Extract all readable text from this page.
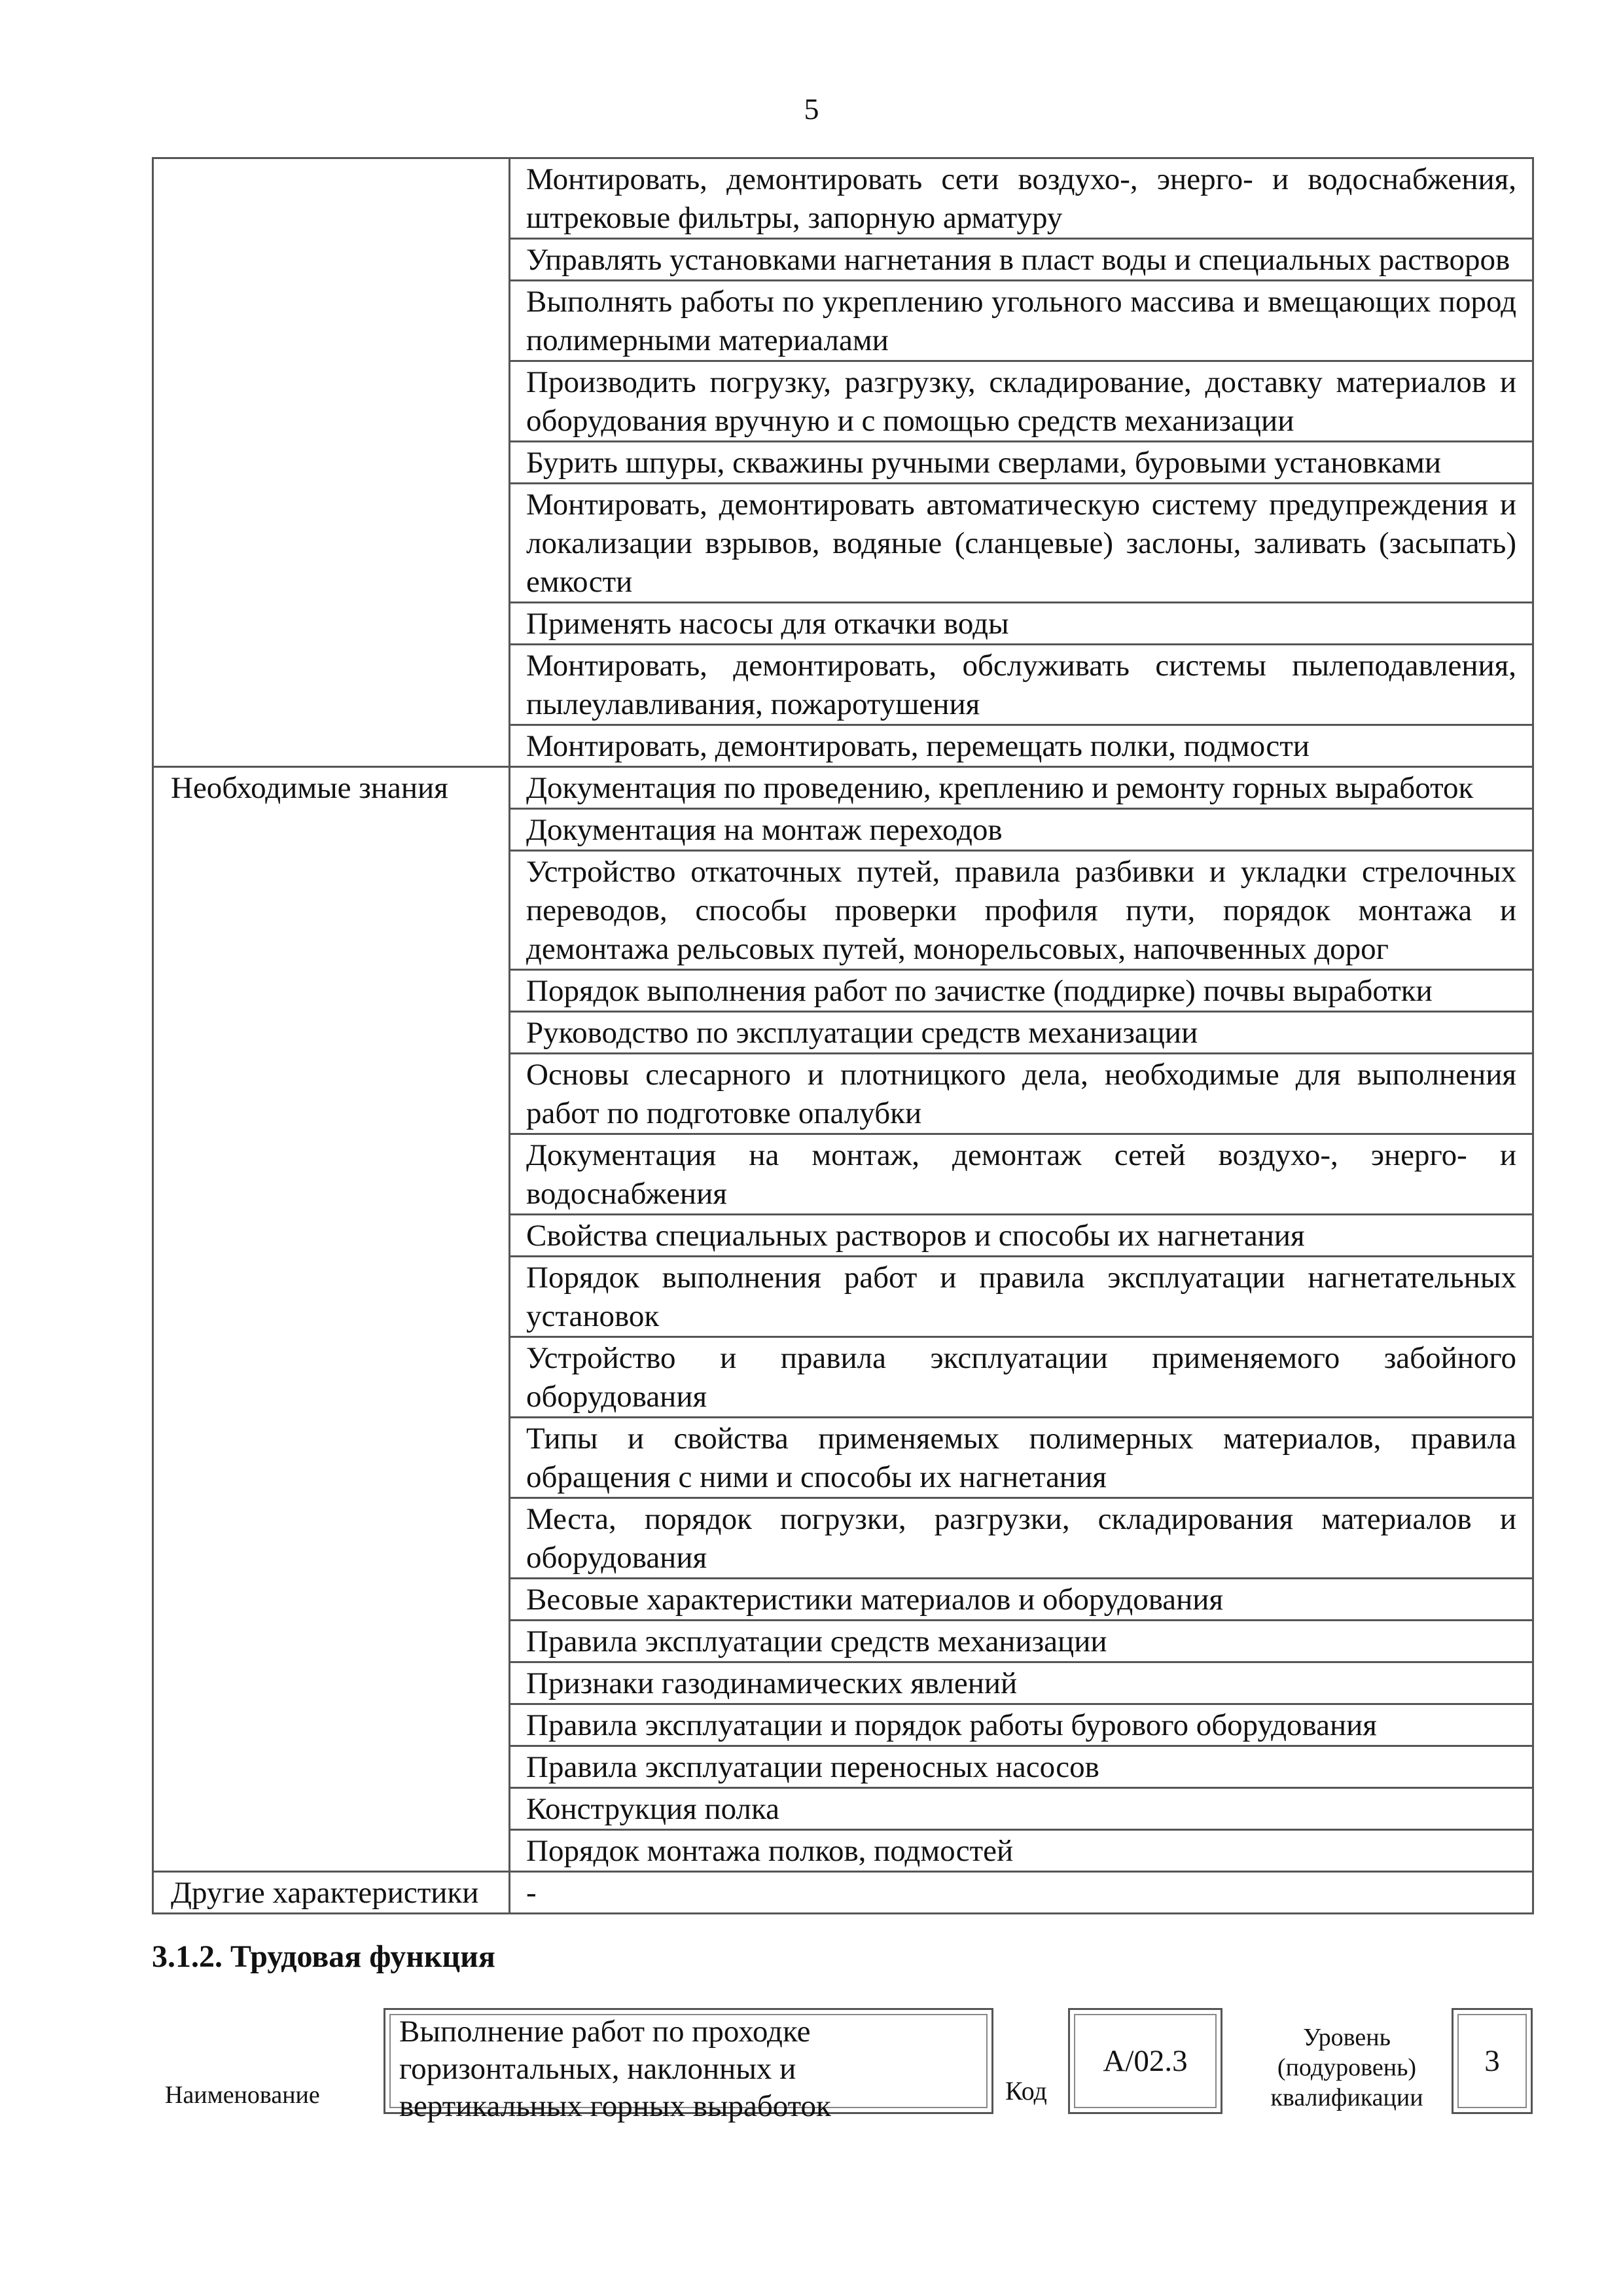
5
	Монтировать, демонтировать сети воздухо-, энерго- и водоснабжения, штрековые фильтры, запорную арматуру
	Управлять установками нагнетания в пласт воды и специальных растворов
	Выполнять работы по укреплению угольного массива и вмещающих пород полимерными материалами
	Производить погрузку, разгрузку, складирование, доставку материалов и оборудования вручную и с помощью средств механизации
	Бурить шпуры, скважины ручными сверлами, буровыми установками
	Монтировать, демонтировать автоматическую систему предупреждения и локализации взрывов, водяные (сланцевые) заслоны, заливать (засыпать) емкости
	Применять насосы для откачки воды
	Монтировать, демонтировать, обслуживать системы пылеподавления, пылеулавливания, пожаротушения
	Монтировать, демонтировать, перемещать полки, подмости
Необходимые знания	Документация по проведению, креплению и ремонту горных выработок
	Документация на монтаж переходов
	Устройство откаточных путей, правила разбивки и укладки стрелочных переводов, способы проверки профиля пути, порядок монтажа и демонтажа рельсовых путей, монорельсовых, напочвенных дорог
	Порядок выполнения работ по зачистке (поддирке) почвы выработки
	Руководство по эксплуатации средств механизации
	Основы слесарного и плотницкого дела, необходимые для выполнения работ по подготовке опалубки
	Документация на монтаж, демонтаж сетей воздухо-, энерго- и водоснабжения
	Свойства специальных растворов и способы их нагнетания
	Порядок выполнения работ и правила эксплуатации нагнетательных установок
	Устройство и правила эксплуатации применяемого забойного оборудования
	Типы и свойства применяемых полимерных материалов, правила обращения с ними и способы их нагнетания
	Места, порядок погрузки, разгрузки, складирования материалов и оборудования
	Весовые характеристики материалов и оборудования
	Правила эксплуатации средств механизации
	Признаки газодинамических явлений
	Правила эксплуатации и порядок работы бурового оборудования
	Правила эксплуатации переносных насосов
	Конструкция полка
	Порядок монтажа полков, подмостей
Другие характеристики	-
3.1.2. Трудовая функция
Наименование
Выполнение работ по проходке горизонтальных, наклонных и вертикальных горных выработок	Код
А/02.3
Уровень (подуровень) квалификации
3
